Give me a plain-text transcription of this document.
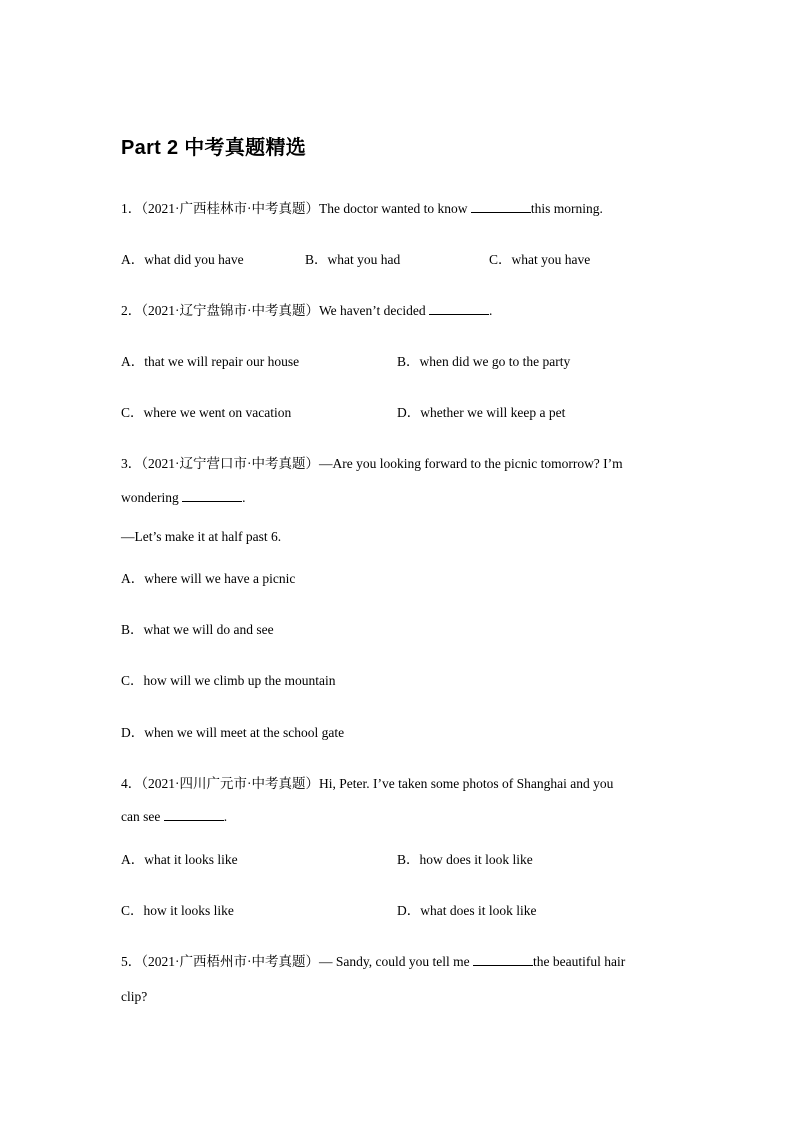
Part 2 中考真题精选
1．（2021·广西桂林市·中考真题）The doctor wanted to know	this morning.
A．what did you have	B．what you had	C．what you have
2．（2021·辽宁盘锦市·中考真题）We haven’t decided	.
A．that we will repair our house	B．when did we go to the party
C．where we went on vacation	D．whether we will keep a pet
3．（2021·辽宁营口市·中考真题）—Are you looking forward to the picnic tomorrow? I’m
wondering	.
—Let’s make it at half past 6.
A．where will we have a picnic
B．what we will do and see
C．how will we climb up the mountain
D．when we will meet at the school gate
4．（2021·四川广元市·中考真题）Hi, Peter. I’ve taken some photos of Shanghai and you
can see	.
A．what it looks like	B．how does it look like
C．how it looks like	D．what does it look like
5．（2021·广西梧州市·中考真题）— Sandy, could you tell me	the beautiful hair
clip?
